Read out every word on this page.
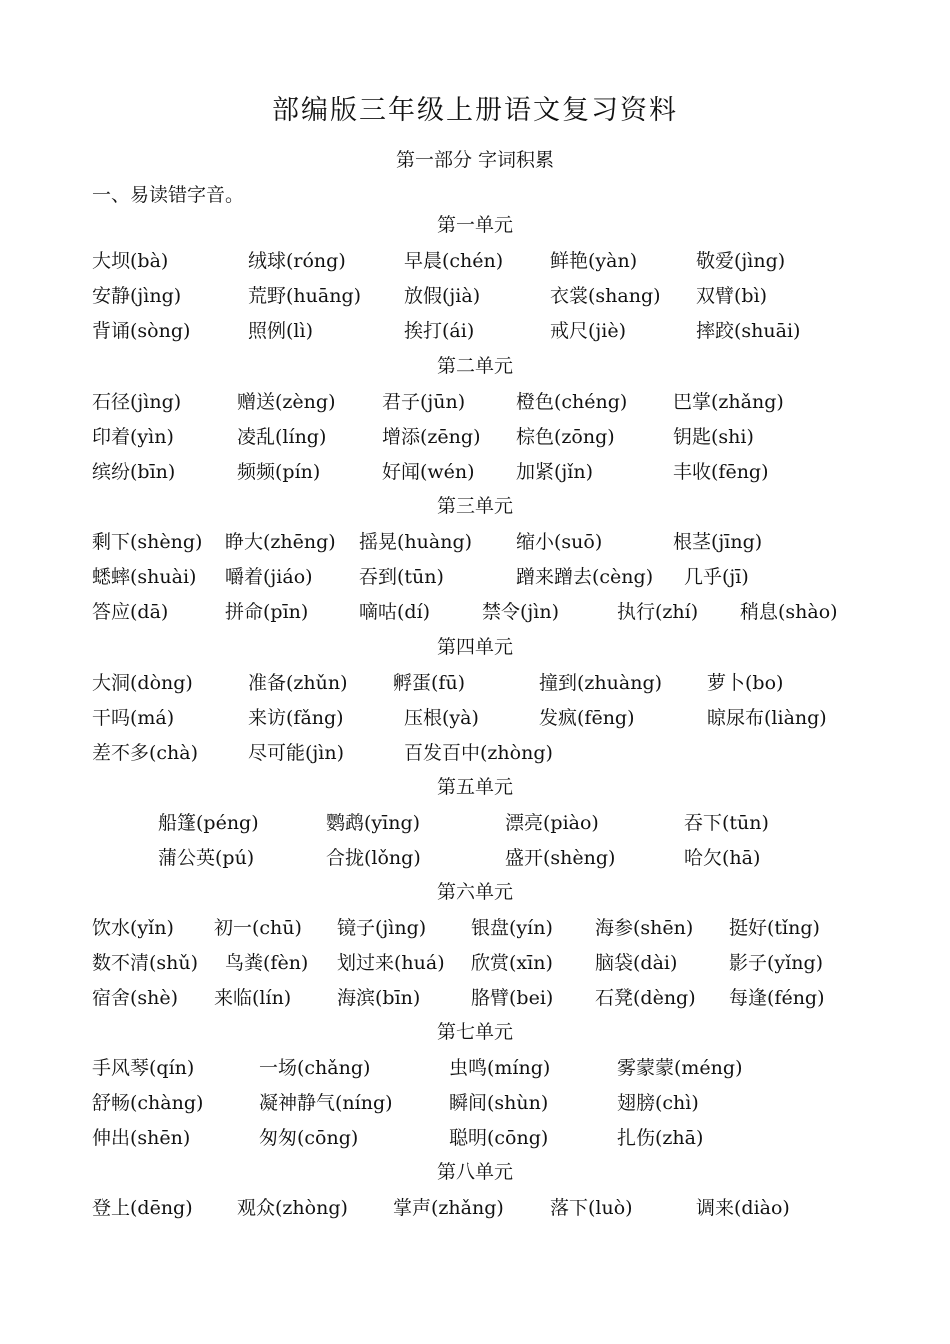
部编版三年级上册语文复习资料
第一部分 字词积累
一、易读错字音。
第一单元
大坝(bà)	绒球(róng)	早晨(chén) 鲜艳(yàn)	敬爱(jìng)
安静(jìng)	荒野(huāng) 放假(jià)	衣裳(shang) 双臂(bì)
背诵(sòng)	照例(lì)	挨打(ái)	戒尺(jiè)	摔跤(shuāi)
第二单元
石径(jìng)	赠送(zèng) 君子(jūn)	橙色(chéng) 巴掌(zhǎng)
印着(yìn)	凌乱(líng)	增添(zēng) 棕色(zōng)	钥匙(shi)
缤纷(bīn)	频频(pín)	好闻(wén) 加紧(jǐn)	丰收(fēng)
第三单元
剩下(shèng) 睁大(zhēng) 摇晃(huàng) 缩小(suō)	根茎(jīng)
蟋蟀(shuài) 嚼着(jiáo) 吞到(tūn)	蹭来蹭去(cèng) 几乎(jī)
答应(dā)	拼命(pīn)	嘀咕(dí)	禁令(jìn)	执行(zhí) 稍息(shào)
第四单元
大洞(dòng)	准备(zhǔn) 孵蛋(fū)	撞到(zhuàng) 萝卜(bo)
干吗(má)	来访(fǎng)	压根(yà)	发疯(fēng)	晾尿布(liàng)
差不多(chà)	尽可能(jìn)	百发百中(zhòng)
第五单元
船篷(péng)	鹦鹉(yīng)	漂亮(piào)	吞下(tūn)
蒲公英(pú)	合拢(lǒng)	盛开(shèng)	哈欠(hā)
第六单元
饮水(yǐn) 初一(chū) 镜子(jìng) 银盘(yín) 海参(shēn) 挺好(tǐng)
数不清(shǔ) 鸟粪(fèn) 划过来(huá) 欣赏(xīn) 脑袋(dài)	影子(yǐng)
宿舍(shè) 来临(lín) 海滨(bīn)	胳臂(bei) 石凳(dèng) 每逢(féng)
第七单元
手风琴(qín)	一场(chǎng)	虫鸣(míng)	雾蒙蒙(méng)
舒畅(chàng)	凝神静气(níng)	瞬间(shùn)	翅膀(chì)
伸出(shēn)	匆匆(cōng)	聪明(cōng)	扎伤(zhā)
第八单元
登上(dēng) 观众(zhòng) 掌声(zhǎng) 落下(luò)	调来(diào)
